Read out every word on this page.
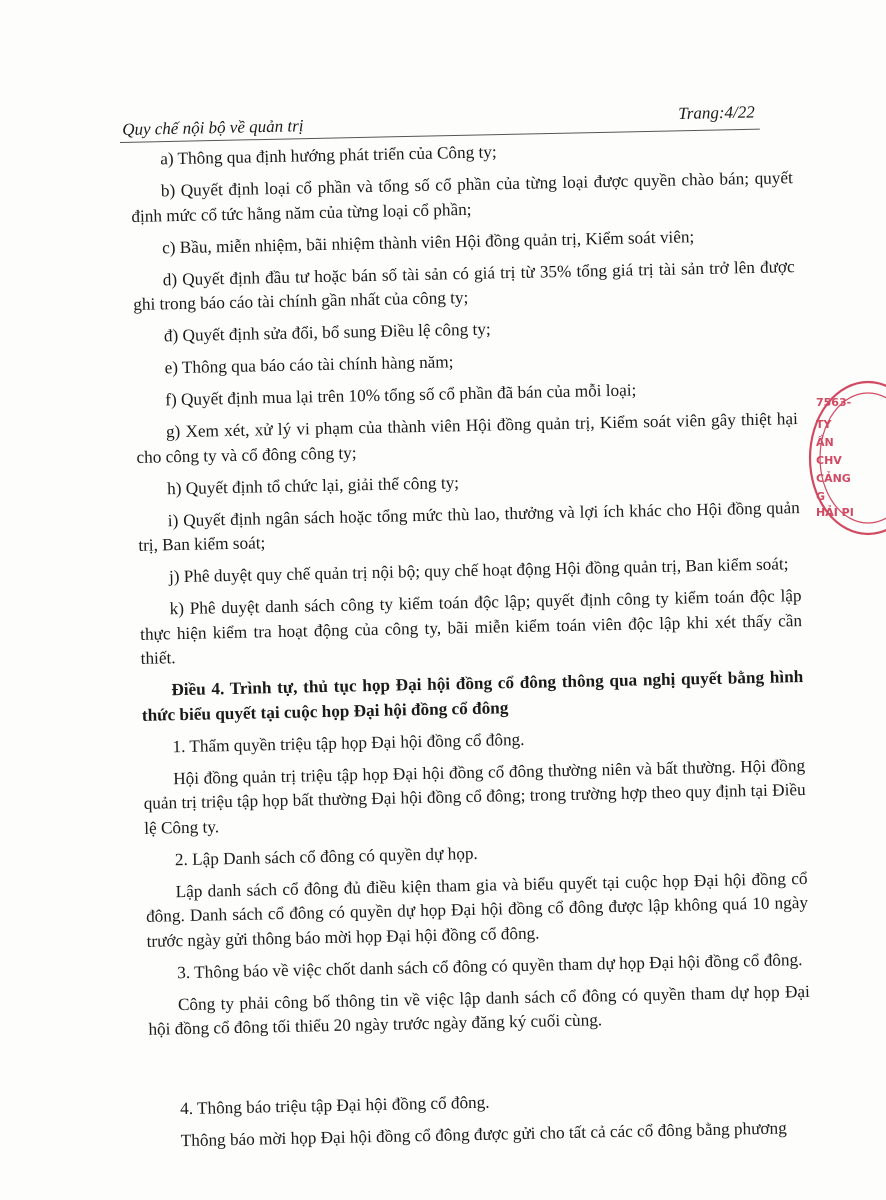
Quy chế nội bộ về quản trị
Trang:4/22

a) Thông qua định hướng phát triển của Công ty;

b) Quyết định loại cổ phần và tổng số cổ phần của từng loại được quyền chào bán; quyết định mức cổ tức hằng năm của từng loại cổ phần;

c) Bầu, miễn nhiệm, bãi nhiệm thành viên Hội đồng quản trị, Kiểm soát viên;

d) Quyết định đầu tư hoặc bán số tài sản có giá trị từ 35% tổng giá trị tài sản trở lên được ghi trong báo cáo tài chính gần nhất của công ty;

đ) Quyết định sửa đổi, bổ sung Điều lệ công ty;

e) Thông qua báo cáo tài chính hàng năm;

f) Quyết định mua lại trên 10% tổng số cổ phần đã bán của mỗi loại;

g) Xem xét, xử lý vi phạm của thành viên Hội đồng quản trị, Kiểm soát viên gây thiệt hại cho công ty và cổ đông công ty;

h) Quyết định tổ chức lại, giải thể công ty;

i) Quyết định ngân sách hoặc tổng mức thù lao, thưởng và lợi ích khác cho Hội đồng quản trị, Ban kiểm soát;

j) Phê duyệt quy chế quản trị nội bộ; quy chế hoạt động Hội đồng quản trị, Ban kiểm soát;

k) Phê duyệt danh sách công ty kiểm toán độc lập; quyết định công ty kiểm toán độc lập thực hiện kiểm tra hoạt động của công ty, bãi miễn kiểm toán viên độc lập khi xét thấy cần thiết.

Điều 4. Trình tự, thủ tục họp Đại hội đồng cổ đông thông qua nghị quyết bằng hình thức biểu quyết tại cuộc họp Đại hội đồng cổ đông

1. Thẩm quyền triệu tập họp Đại hội đồng cổ đông.

Hội đồng quản trị triệu tập họp Đại hội đồng cổ đông thường niên và bất thường. Hội đồng quản trị triệu tập họp bất thường Đại hội đồng cổ đông; trong trường hợp theo quy định tại Điều lệ Công ty.

2. Lập Danh sách cổ đông có quyền dự họp.

Lập danh sách cổ đông đủ điều kiện tham gia và biểu quyết tại cuộc họp Đại hội đồng cổ đông. Danh sách cổ đông có quyền dự họp Đại hội đồng cổ đông được lập không quá 10 ngày trước ngày gửi thông báo mời họp Đại hội đồng cổ đông.

3. Thông báo về việc chốt danh sách cổ đông có quyền tham dự họp Đại hội đồng cổ đông.

Công ty phải công bố thông tin về việc lập danh sách cổ đông có quyền tham dự họp Đại hội đồng cổ đông tối thiểu 20 ngày trước ngày đăng ký cuối cùng.

4. Thông báo triệu tập Đại hội đồng cổ đông.

Thông báo mời họp Đại hội đồng cổ đông được gửi cho tất cả các cổ đông bằng phương

7563-
TY
ẦN
CHV
CẢNG
G
HẢI PI
